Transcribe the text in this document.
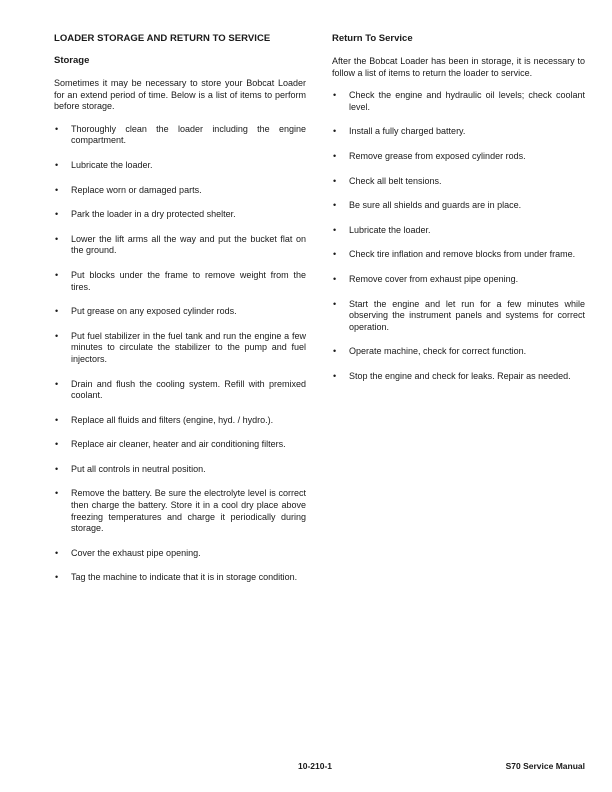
LOADER STORAGE AND RETURN TO SERVICE
Storage

Sometimes it may be necessary to store your Bobcat Loader for an extend period of time. Below is a list of items to perform before storage.

• Thoroughly clean the loader including the engine compartment.
• Lubricate the loader.
• Replace worn or damaged parts.
• Park the loader in a dry protected shelter.
• Lower the lift arms all the way and put the bucket flat on the ground.
• Put blocks under the frame to remove weight from the tires.
• Put grease on any exposed cylinder rods.
• Put fuel stabilizer in the fuel tank and run the engine a few minutes to circulate the stabilizer to the pump and fuel injectors.
• Drain and flush the cooling system. Refill with premixed coolant.
• Replace all fluids and filters (engine, hyd. / hydro.).
• Replace air cleaner, heater and air conditioning filters.
• Put all controls in neutral position.
• Remove the battery. Be sure the electrolyte level is correct then charge the battery. Store it in a cool dry place above freezing temperatures and charge it periodically during storage.
• Cover the exhaust pipe opening.
• Tag the machine to indicate that it is in storage condition.
Return To Service

After the Bobcat Loader has been in storage, it is necessary to follow a list of items to return the loader to service.

• Check the engine and hydraulic oil levels; check coolant level.
• Install a fully charged battery.
• Remove grease from exposed cylinder rods.
• Check all belt tensions.
• Be sure all shields and guards are in place.
• Lubricate the loader.
• Check tire inflation and remove blocks from under frame.
• Remove cover from exhaust pipe opening.
• Start the engine and let run for a few minutes while observing the instrument panels and systems for correct operation.
• Operate machine, check for correct function.
• Stop the engine and check for leaks. Repair as needed.
10-210-1	S70 Service Manual
